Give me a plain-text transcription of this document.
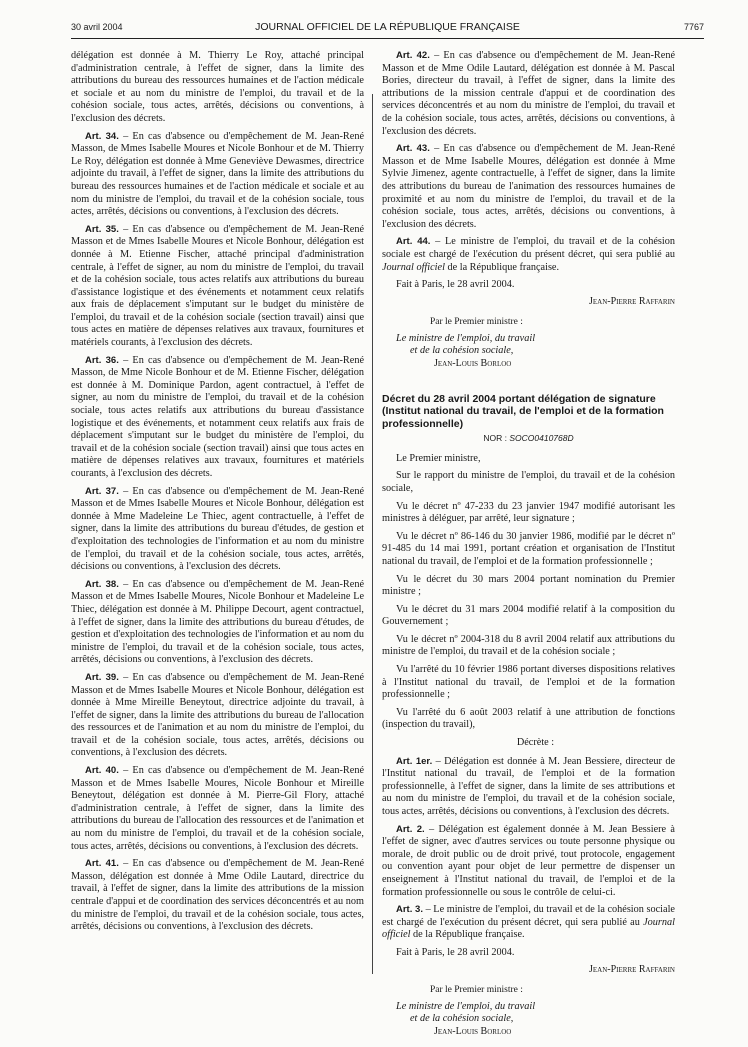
30 avril 2004	JOURNAL OFFICIEL DE LA RÉPUBLIQUE FRANÇAISE	7767

délégation est donnée à M. Thierry Le Roy, attaché principal d'administration centrale, à l'effet de signer, dans la limite des attributions du bureau des ressources humaines et de l'action médicale et sociale et au nom du ministre de l'emploi, du travail et de la cohésion sociale, tous actes, arrêtés, décisions ou conventions, à l'exclusion des décrets.

Art. 34. – En cas d'absence ou d'empêchement de M. Jean-René Masson, de Mmes Isabelle Moures et Nicole Bonhour et de M. Thierry Le Roy, délégation est donnée à Mme Geneviève Dewasmes, directrice adjointe du travail, à l'effet de signer, dans la limite des attributions du bureau des ressources humaines et de l'action médicale et sociale et au nom du ministre de l'emploi, du travail et de la cohésion sociale, tous actes, arrêtés, décisions ou conventions, à l'exclusion des décrets.

Art. 35. – En cas d'absence ou d'empêchement de M. Jean-René Masson et de Mmes Isabelle Moures et Nicole Bonhour, délégation est donnée à M. Etienne Fischer, attaché principal d'administration centrale, à l'effet de signer, au nom du ministre de l'emploi, du travail et de la cohésion sociale, tous actes relatifs aux attributions du bureau d'assistance logistique et des événements et notamment ceux relatifs aux frais de déplacement s'imputant sur le budget du ministère de l'emploi, du travail et de la cohésion sociale (section travail) ainsi que tous actes en matière de dépenses relatives aux travaux, fournitures et matériels courants, à l'exclusion des décrets.

Art. 36. – En cas d'absence ou d'empêchement de M. Jean-René Masson, de Mme Nicole Bonhour et de M. Etienne Fischer, délégation est donnée à M. Dominique Pardon, agent contractuel, à l'effet de signer, au nom du ministre de l'emploi, du travail et de la cohésion sociale, tous actes relatifs aux attributions du bureau d'assistance logistique et des événements, et notamment ceux relatifs aux frais de déplacement s'imputant sur le budget du ministère de l'emploi, du travail et de la cohésion sociale (section travail) ainsi que tous actes en matière de dépenses relatives aux travaux, fournitures et matériels courants, à l'exclusion des décrets.

Art. 37. – En cas d'absence ou d'empêchement de M. Jean-René Masson et de Mmes Isabelle Moures et Nicole Bonhour, délégation est donnée à Mme Madeleine Le Thiec, agent contractuelle, à l'effet de signer, dans la limite des attributions du bureau d'études, de gestion et d'exploitation des technologies de l'information et au nom du ministre de l'emploi, du travail et de la cohésion sociale, tous actes, arrêtés, décisions ou conventions, à l'exclusion des décrets.

Art. 38. – En cas d'absence ou d'empêchement de M. Jean-René Masson et de Mmes Isabelle Moures, Nicole Bonhour et Madeleine Le Thiec, délégation est donnée à M. Philippe Decourt, agent contractuel, à l'effet de signer, dans la limite des attributions du bureau d'études, de gestion et d'exploitation des technologies de l'information et au nom du ministre de l'emploi, du travail et de la cohésion sociale, tous actes, arrêtés, décisions ou conventions, à l'exclusion des décrets.

Art. 39. – En cas d'absence ou d'empêchement de M. Jean-René Masson et de Mmes Isabelle Moures et Nicole Bonhour, délégation est donnée à Mme Mireille Beneytout, directrice adjointe du travail, à l'effet de signer, dans la limite des attributions du bureau de l'allocation des ressources et de l'animation et au nom du ministre de l'emploi, du travail et de la cohésion sociale, tous actes, arrêtés, décisions ou conventions, à l'exclusion des décrets.

Art. 40. – En cas d'absence ou d'empêchement de M. Jean-René Masson et de Mmes Isabelle Moures, Nicole Bonhour et Mireille Beneytout, délégation est donnée à M. Pierre-Gil Flory, attaché d'administration centrale, à l'effet de signer, dans la limite des attributions du bureau de l'allocation des ressources et de l'animation et au nom du ministre de l'emploi, du travail et de la cohésion sociale, tous actes, arrêtés, décisions ou conventions, à l'exclusion des décrets.

Art. 41. – En cas d'absence ou d'empêchement de M. Jean-René Masson, délégation est donnée à Mme Odile Lautard, directrice du travail, à l'effet de signer, dans la limite des attributions de la mission centrale d'appui et de coordination des services déconcentrés et au nom du ministre de l'emploi, du travail et de la cohésion sociale, tous actes, arrêtés, décisions ou conventions, à l'exclusion des décrets.

Art. 42. – En cas d'absence ou d'empêchement de M. Jean-René Masson et de Mme Odile Lautard, délégation est donnée à M. Pascal Bories, directeur du travail, à l'effet de signer, dans la limite des attributions de la mission centrale d'appui et de coordination des services déconcentrés et au nom du ministre de l'emploi, du travail et de la cohésion sociale, tous actes, arrêtés, décisions ou conventions, à l'exclusion des décrets.

Art. 43. – En cas d'absence ou d'empêchement de M. Jean-René Masson et de Mme Isabelle Moures, délégation est donnée à Mme Sylvie Jimenez, agente contractuelle, à l'effet de signer, dans la limite des attributions du bureau de l'animation des ressources humaines de proximité et au nom du ministre de l'emploi, du travail et de la cohésion sociale, tous actes, arrêtés, décisions ou conventions, à l'exclusion des décrets.

Art. 44. – Le ministre de l'emploi, du travail et de la cohésion sociale est chargé de l'exécution du présent décret, qui sera publié au Journal officiel de la République française.

Fait à Paris, le 28 avril 2004.

Jean-Pierre Raffarin

Par le Premier ministre :

Le ministre de l'emploi, du travail

et de la cohésion sociale,

Jean-Louis Borloo

Décret du 28 avril 2004 portant délégation de signature (Institut national du travail, de l'emploi et de la formation professionnelle)
NOR : SOCO0410768D

Le Premier ministre,

Sur le rapport du ministre de l'emploi, du travail et de la cohésion sociale,

Vu le décret nº 47-233 du 23 janvier 1947 modifié autorisant les ministres à déléguer, par arrêté, leur signature ;

Vu le décret nº 86-146 du 30 janvier 1986, modifié par le décret nº 91-485 du 14 mai 1991, portant création et organisation de l'Institut national du travail, de l'emploi et de la formation professionnelle ;

Vu le décret du 30 mars 2004 portant nomination du Premier ministre ;

Vu le décret du 31 mars 2004 modifié relatif à la composition du Gouvernement ;

Vu le décret nº 2004-318 du 8 avril 2004 relatif aux attributions du ministre de l'emploi, du travail et de la cohésion sociale ;

Vu l'arrêté du 10 février 1986 portant diverses dispositions relatives à l'Institut national du travail, de l'emploi et de la formation professionnelle ;

Vu l'arrêté du 6 août 2003 relatif à une attribution de fonctions (inspection du travail),

Décrète :

Art. 1er. – Délégation est donnée à M. Jean Bessiere, directeur de l'Institut national du travail, de l'emploi et de la formation professionnelle, à l'effet de signer, dans la limite de ses attributions et au nom du ministre de l'emploi, du travail et de la cohésion sociale, tous actes, arrêtés, décisions ou conventions, à l'exclusion des décrets.

Art. 2. – Délégation est également donnée à M. Jean Bessiere à l'effet de signer, avec d'autres services ou toute personne physique ou morale, de droit public ou de droit privé, tout protocole, engagement ou convention ayant pour objet de leur permettre de dispenser un enseignement à l'Institut national du travail, de l'emploi et de la formation professionnelle ou sous le contrôle de celui-ci.

Art. 3. – Le ministre de l'emploi, du travail et de la cohésion sociale est chargé de l'exécution du présent décret, qui sera publié au Journal officiel de la République française.

Fait à Paris, le 28 avril 2004.

Jean-Pierre Raffarin

Par le Premier ministre :

Le ministre de l'emploi, du travail

et de la cohésion sociale,

Jean-Louis Borloo
